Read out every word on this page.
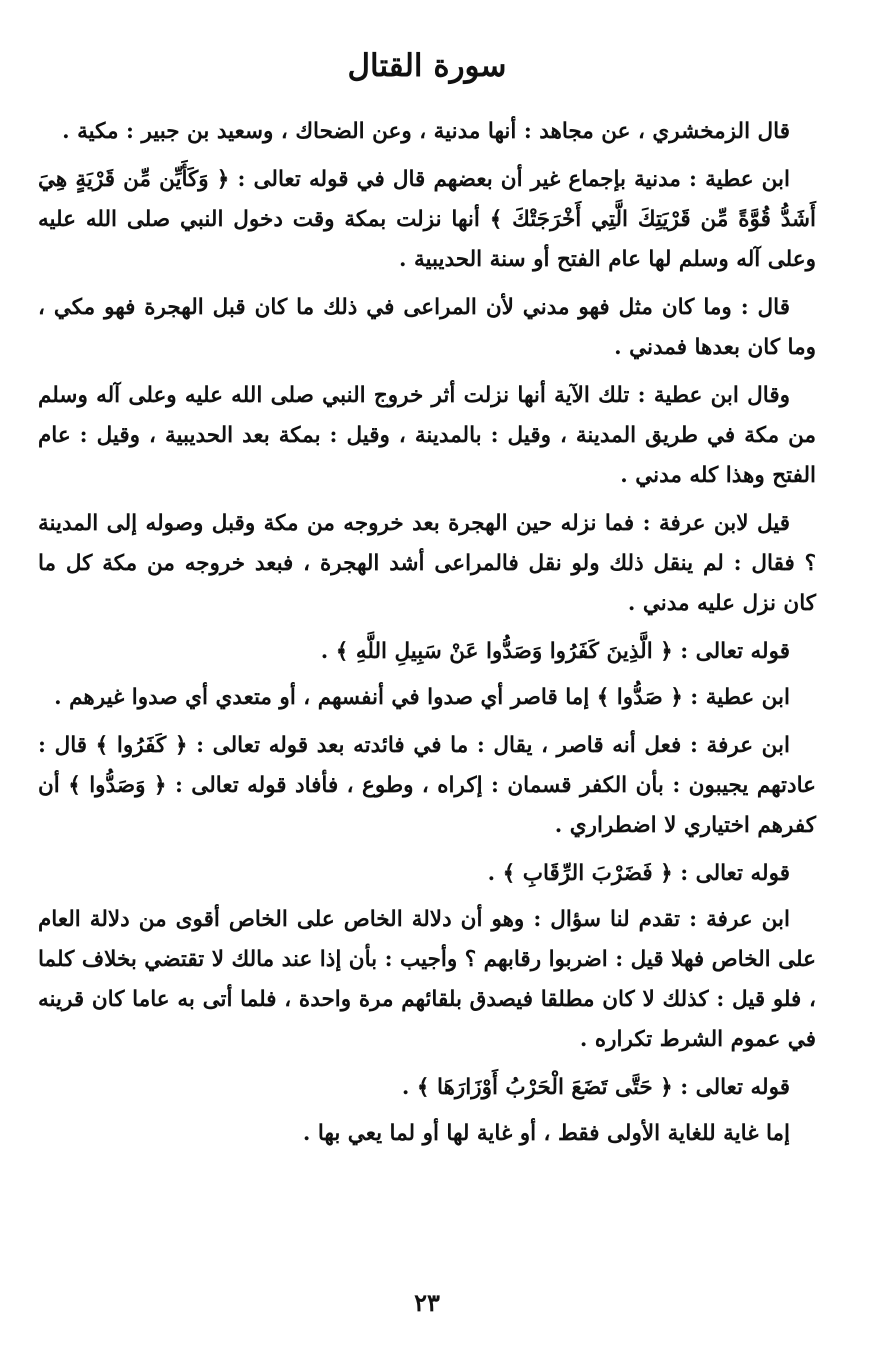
سورة القتال

قال الزمخشري ، عن مجاهد : أنها مدنية ، وعن الضحاك ، وسعيد بن جبير : مكية .

ابن عطية : مدنية بإجماع غير أن بعضهم قال في قوله تعالى : ﴿ وَكَأَيِّن مِّن قَرْيَةٍ هِيَ أَشَدُّ قُوَّةً مِّن قَرْيَتِكَ الَّتِي أَخْرَجَتْكَ ﴾ أنها نزلت بمكة وقت دخول النبي صلى الله عليه وعلى آله وسلم لها عام الفتح أو سنة الحديبية .

قال : وما كان مثل فهو مدني لأن المراعى في ذلك ما كان قبل الهجرة فهو مكي ، وما كان بعدها فمدني .

وقال ابن عطية : تلك الآية أنها نزلت أثر خروج النبي صلى الله عليه وعلى آله وسلم من مكة في طريق المدينة ، وقيل : بالمدينة ، وقيل : بمكة بعد الحديبية ، وقيل : عام الفتح وهذا كله مدني .

قيل لابن عرفة : فما نزله حين الهجرة بعد خروجه من مكة وقبل وصوله إلى المدينة ؟ فقال : لم ينقل ذلك ولو نقل فالمراعى أشد الهجرة ، فبعد خروجه من مكة كل ما كان نزل عليه مدني .

قوله تعالى : ﴿ الَّذِينَ كَفَرُوا وَصَدُّوا عَنْ سَبِيلِ اللَّهِ ﴾ .

ابن عطية : ﴿ صَدُّوا ﴾ إما قاصر أي صدوا في أنفسهم ، أو متعدي أي صدوا غيرهم .

ابن عرفة : فعل أنه قاصر ، يقال : ما في فائدته بعد قوله تعالى : ﴿ كَفَرُوا ﴾ قال : عادتهم يجيبون : بأن الكفر قسمان : إكراه ، وطوع ، فأفاد قوله تعالى : ﴿ وَصَدُّوا ﴾ أن كفرهم اختياري لا اضطراري .

قوله تعالى : ﴿ فَضَرْبَ الرِّقَابِ ﴾ .

ابن عرفة : تقدم لنا سؤال : وهو أن دلالة الخاص على الخاص أقوى من دلالة العام على الخاص فهلا قيل : اضربوا رقابهم ؟ وأجيب : بأن إذا عند مالك لا تقتضي بخلاف كلما ، فلو قيل : كذلك لا كان مطلقا فيصدق بلقائهم مرة واحدة ، فلما أتى به عاما كان قرينه في عموم الشرط تكراره .

قوله تعالى : ﴿ حَتَّى تَضَعَ الْحَرْبُ أَوْزَارَهَا ﴾ .

إما غاية للغاية الأولى فقط ، أو غاية لها أو لما يعي بها .

٢٣
